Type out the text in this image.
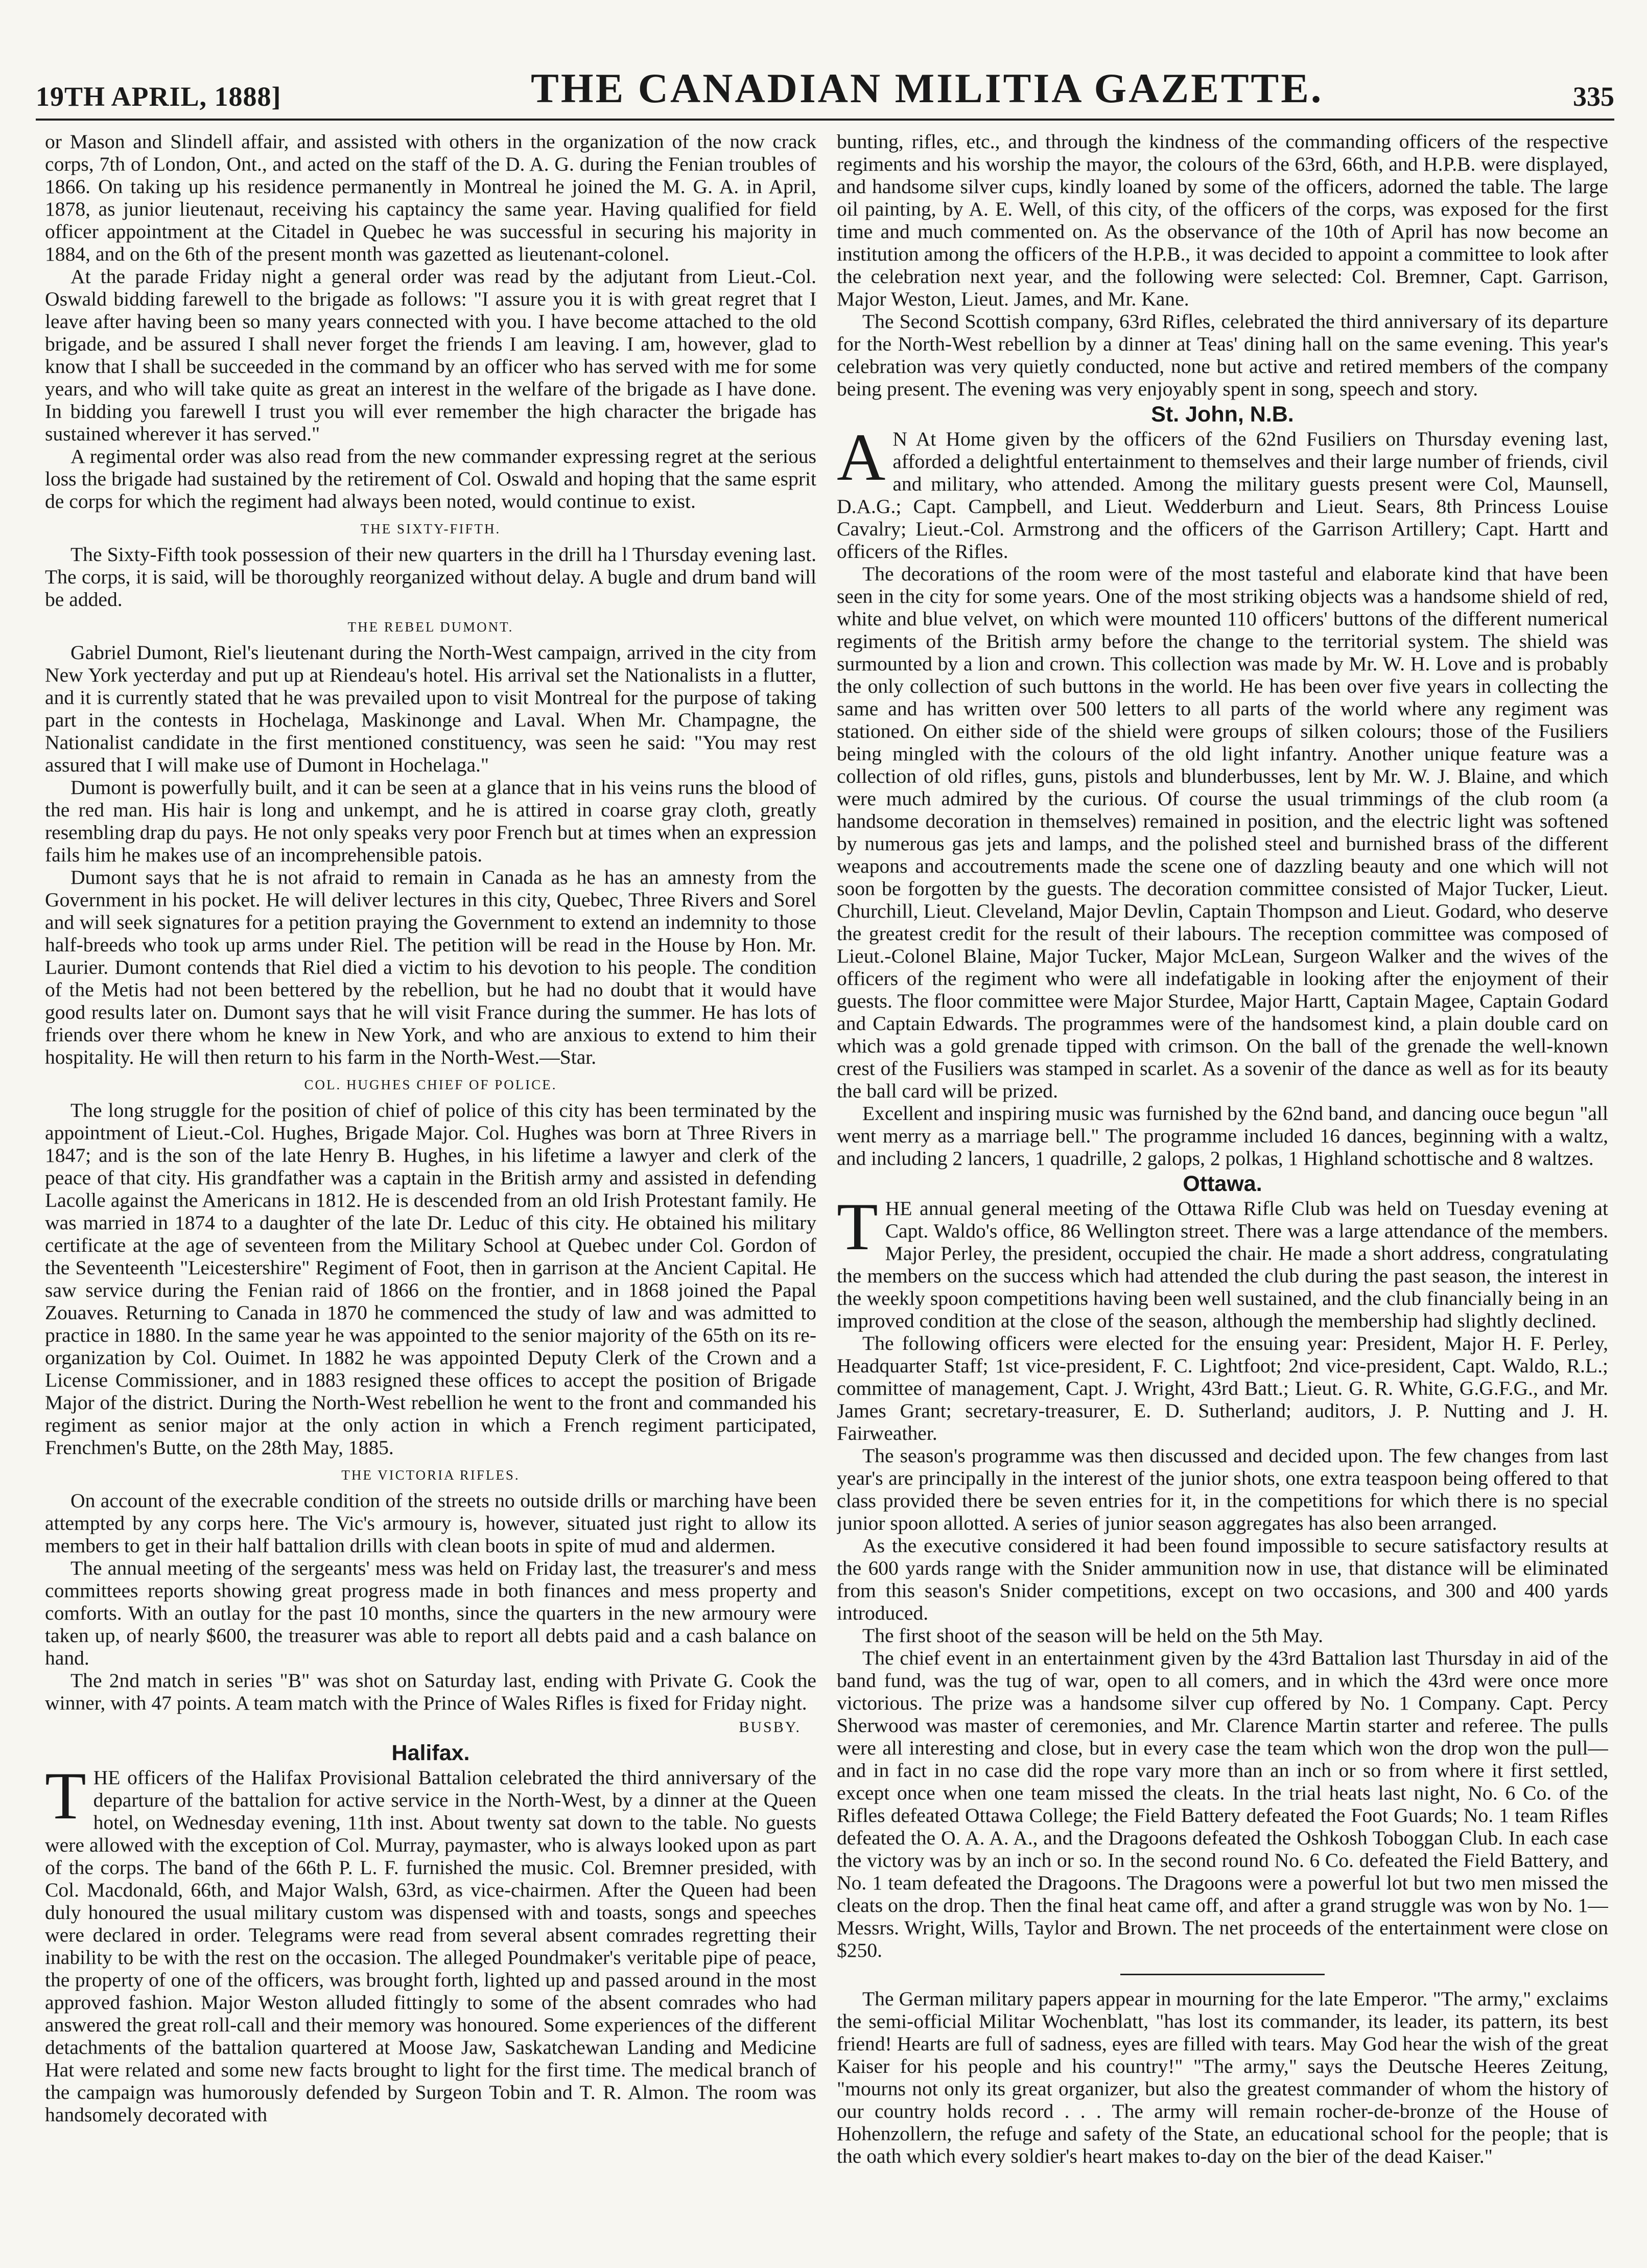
19TH APRIL, 1888]	THE CANADIAN MILITIA GAZETTE.	335

or Mason and Slindell affair, and assisted with others in the organization of the now crack corps, 7th of London, Ont., and acted on the staff of the D. A. G. during the Fenian troubles of 1866. On taking up his residence permanently in Montreal he joined the M. G. A. in April, 1878, as junior lieutenaut, receiving his captaincy the same year. Having qualified for field officer appointment at the Citadel in Quebec he was successful in securing his majority in 1884, and on the 6th of the present month was gazetted as lieutenant-colonel.

At the parade Friday night a general order was read by the adjutant from Lieut.-Col. Oswald bidding farewell to the brigade as follows: "I assure you it is with great regret that I leave after having been so many years connected with you. I have become attached to the old brigade, and be assured I shall never forget the friends I am leaving. I am, however, glad to know that I shall be succeeded in the command by an officer who has served with me for some years, and who will take quite as great an interest in the welfare of the brigade as I have done. In bidding you farewell I trust you will ever remember the high character the brigade has sustained wherever it has served."

A regimental order was also read from the new commander expressing regret at the serious loss the brigade had sustained by the retirement of Col. Oswald and hoping that the same esprit de corps for which the regiment had always been noted, would continue to exist.

THE SIXTY-FIFTH.

The Sixty-Fifth took possession of their new quarters in the drill ha l Thursday evening last. The corps, it is said, will be thoroughly reorganized without delay. A bugle and drum band will be added.

THE REBEL DUMONT.

Gabriel Dumont, Riel's lieutenant during the North-West campaign, arrived in the city from New York yecterday and put up at Riendeau's hotel. His arrival set the Nationalists in a flutter, and it is currently stated that he was prevailed upon to visit Montreal for the purpose of taking part in the contests in Hochelaga, Maskinonge and Laval. When Mr. Champagne, the Nationalist candidate in the first mentioned constituency, was seen he said: "You may rest assured that I will make use of Dumont in Hochelaga."

Dumont is powerfully built, and it can be seen at a glance that in his veins runs the blood of the red man. His hair is long and unkempt, and he is attired in coarse gray cloth, greatly resembling drap du pays. He not only speaks very poor French but at times when an expression fails him he makes use of an incomprehensible patois.

Dumont says that he is not afraid to remain in Canada as he has an amnesty from the Government in his pocket. He will deliver lectures in this city, Quebec, Three Rivers and Sorel and will seek signatures for a petition praying the Government to extend an indemnity to those half-breeds who took up arms under Riel. The petition will be read in the House by Hon. Mr. Laurier. Dumont contends that Riel died a victim to his devotion to his people. The condition of the Metis had not been bettered by the rebellion, but he had no doubt that it would have good results later on. Dumont says that he will visit France during the summer. He has lots of friends over there whom he knew in New York, and who are anxious to extend to him their hospitality. He will then return to his farm in the North-West.—Star.

COL. HUGHES CHIEF OF POLICE.

The long struggle for the position of chief of police of this city has been terminated by the appointment of Lieut.-Col. Hughes, Brigade Major. Col. Hughes was born at Three Rivers in 1847; and is the son of the late Henry B. Hughes, in his lifetime a lawyer and clerk of the peace of that city. His grandfather was a captain in the British army and assisted in defending Lacolle against the Americans in 1812. He is descended from an old Irish Protestant family. He was married in 1874 to a daughter of the late Dr. Leduc of this city. He obtained his military certificate at the age of seventeen from the Military School at Quebec under Col. Gordon of the Seventeenth "Leicestershire" Regiment of Foot, then in garrison at the Ancient Capital. He saw service during the Fenian raid of 1866 on the frontier, and in 1868 joined the Papal Zouaves. Returning to Canada in 1870 he commenced the study of law and was admitted to practice in 1880. In the same year he was appointed to the senior majority of the 65th on its re-organization by Col. Ouimet. In 1882 he was appointed Deputy Clerk of the Crown and a License Commissioner, and in 1883 resigned these offices to accept the position of Brigade Major of the district. During the North-West rebellion he went to the front and commanded his regiment as senior major at the only action in which a French regiment participated, Frenchmen's Butte, on the 28th May, 1885.

THE VICTORIA RIFLES.

On account of the execrable condition of the streets no outside drills or marching have been attempted by any corps here. The Vic's armoury is, however, situated just right to allow its members to get in their half battalion drills with clean boots in spite of mud and aldermen.

The annual meeting of the sergeants' mess was held on Friday last, the treasurer's and mess committees reports showing great progress made in both finances and mess property and comforts. With an outlay for the past 10 months, since the quarters in the new armoury were taken up, of nearly $600, the treasurer was able to report all debts paid and a cash balance on hand.

The 2nd match in series "B" was shot on Saturday last, ending with Private G. Cook the winner, with 47 points. A team match with the Prince of Wales Rifles is fixed for Friday night.

BUSBY.
Halifax.

THE officers of the Halifax Provisional Battalion celebrated the third anniversary of the departure of the battalion for active service in the North-West, by a dinner at the Queen hotel, on Wednesday evening, 11th inst. About twenty sat down to the table. No guests were allowed with the exception of Col. Murray, paymaster, who is always looked upon as part of the corps. The band of the 66th P. L. F. furnished the music. Col. Bremner presided, with Col. Macdonald, 66th, and Major Walsh, 63rd, as vice-chairmen. After the Queen had been duly honoured the usual military custom was dispensed with and toasts, songs and speeches were declared in order. Telegrams were read from several absent comrades regretting their inability to be with the rest on the occasion. The alleged Poundmaker's veritable pipe of peace, the property of one of the officers, was brought forth, lighted up and passed around in the most approved fashion. Major Weston alluded fittingly to some of the absent comrades who had answered the great roll-call and their memory was honoured. Some experiences of the different detachments of the battalion quartered at Moose Jaw, Saskatchewan Landing and Medicine Hat were related and some new facts brought to light for the first time. The medical branch of the campaign was humorously defended by Surgeon Tobin and T. R. Almon. The room was handsomely decorated with

bunting, rifles, etc., and through the kindness of the commanding officers of the respective regiments and his worship the mayor, the colours of the 63rd, 66th, and H.P.B. were displayed, and handsome silver cups, kindly loaned by some of the officers, adorned the table. The large oil painting, by A. E. Well, of this city, of the officers of the corps, was exposed for the first time and much commented on. As the observance of the 10th of April has now become an institution among the officers of the H.P.B., it was decided to appoint a committee to look after the celebration next year, and the following were selected: Col. Bremner, Capt. Garrison, Major Weston, Lieut. James, and Mr. Kane.

The Second Scottish company, 63rd Rifles, celebrated the third anniversary of its departure for the North-West rebellion by a dinner at Teas' dining hall on the same evening. This year's celebration was very quietly conducted, none but active and retired members of the company being present. The evening was very enjoyably spent in song, speech and story.

St. John, N.B.

AN At Home given by the officers of the 62nd Fusiliers on Thursday evening last, afforded a delightful entertainment to themselves and their large number of friends, civil and military, who attended. Among the military guests present were Col, Maunsell, D.A.G.; Capt. Campbell, and Lieut. Wedderburn and Lieut. Sears, 8th Princess Louise Cavalry; Lieut.-Col. Armstrong and the officers of the Garrison Artillery; Capt. Hartt and officers of the Rifles.

The decorations of the room were of the most tasteful and elaborate kind that have been seen in the city for some years. One of the most striking objects was a handsome shield of red, white and blue velvet, on which were mounted 110 officers' buttons of the different numerical regiments of the British army before the change to the territorial system. The shield was surmounted by a lion and crown. This collection was made by Mr. W. H. Love and is probably the only collection of such buttons in the world. He has been over five years in collecting the same and has written over 500 letters to all parts of the world where any regiment was stationed. On either side of the shield were groups of silken colours; those of the Fusiliers being mingled with the colours of the old light infantry. Another unique feature was a collection of old rifles, guns, pistols and blunderbusses, lent by Mr. W. J. Blaine, and which were much admired by the curious. Of course the usual trimmings of the club room (a handsome decoration in themselves) remained in position, and the electric light was softened by numerous gas jets and lamps, and the polished steel and burnished brass of the different weapons and accoutrements made the scene one of dazzling beauty and one which will not soon be forgotten by the guests. The decoration committee consisted of Major Tucker, Lieut. Churchill, Lieut. Cleveland, Major Devlin, Captain Thompson and Lieut. Godard, who deserve the greatest credit for the result of their labours. The reception committee was composed of Lieut.-Colonel Blaine, Major Tucker, Major McLean, Surgeon Walker and the wives of the officers of the regiment who were all indefatigable in looking after the enjoyment of their guests. The floor committee were Major Sturdee, Major Hartt, Captain Magee, Captain Godard and Captain Edwards. The programmes were of the handsomest kind, a plain double card on which was a gold grenade tipped with crimson. On the ball of the grenade the well-known crest of the Fusiliers was stamped in scarlet. As a sovenir of the dance as well as for its beauty the ball card will be prized.

Excellent and inspiring music was furnished by the 62nd band, and dancing ouce begun "all went merry as a marriage bell." The programme included 16 dances, beginning with a waltz, and including 2 lancers, 1 quadrille, 2 galops, 2 polkas, 1 Highland schottische and 8 waltzes.

Ottawa.

THE annual general meeting of the Ottawa Rifle Club was held on Tuesday evening at Capt. Waldo's office, 86 Wellington street. There was a large attendance of the members. Major Perley, the president, occupied the chair. He made a short address, congratulating the members on the success which had attended the club during the past season, the interest in the weekly spoon competitions having been well sustained, and the club financially being in an improved condition at the close of the season, although the membership had slightly declined.

The following officers were elected for the ensuing year: President, Major H. F. Perley, Headquarter Staff; 1st vice-president, F. C. Lightfoot; 2nd vice-president, Capt. Waldo, R.L.; committee of management, Capt. J. Wright, 43rd Batt.; Lieut. G. R. White, G.G.F.G., and Mr. James Grant; secretary-treasurer, E. D. Sutherland; auditors, J. P. Nutting and J. H. Fairweather.

The season's programme was then discussed and decided upon. The few changes from last year's are principally in the interest of the junior shots, one extra teaspoon being offered to that class provided there be seven entries for it, in the competitions for which there is no special junior spoon allotted. A series of junior season aggregates has also been arranged.

As the executive considered it had been found impossible to secure satisfactory results at the 600 yards range with the Snider ammunition now in use, that distance will be eliminated from this season's Snider competitions, except on two occasions, and 300 and 400 yards introduced.

The first shoot of the season will be held on the 5th May.

The chief event in an entertainment given by the 43rd Battalion last Thursday in aid of the band fund, was the tug of war, open to all comers, and in which the 43rd were once more victorious. The prize was a handsome silver cup offered by No. 1 Company. Capt. Percy Sherwood was master of ceremonies, and Mr. Clarence Martin starter and referee. The pulls were all interesting and close, but in every case the team which won the drop won the pull—and in fact in no case did the rope vary more than an inch or so from where it first settled, except once when one team missed the cleats. In the trial heats last night, No. 6 Co. of the Rifles defeated Ottawa College; the Field Battery defeated the Foot Guards; No. 1 team Rifles defeated the O. A. A. A., and the Dragoons defeated the Oshkosh Toboggan Club. In each case the victory was by an inch or so. In the second round No. 6 Co. defeated the Field Battery, and No. 1 team defeated the Dragoons. The Dragoons were a powerful lot but two men missed the cleats on the drop. Then the final heat came off, and after a grand struggle was won by No. 1—Messrs. Wright, Wills, Taylor and Brown. The net proceeds of the entertainment were close on $250.

The German military papers appear in mourning for the late Emperor. "The army," exclaims the semi-official Militar Wochenblatt, "has lost its commander, its leader, its pattern, its best friend! Hearts are full of sadness, eyes are filled with tears. May God hear the wish of the great Kaiser for his people and his country!" "The army," says the Deutsche Heeres Zeitung, "mourns not only its great organizer, but also the greatest commander of whom the history of our country holds record . . . The army will remain rocher-de-bronze of the House of Hohenzollern, the refuge and safety of the State, an educational school for the people; that is the oath which every soldier's heart makes to-day on the bier of the dead Kaiser."
